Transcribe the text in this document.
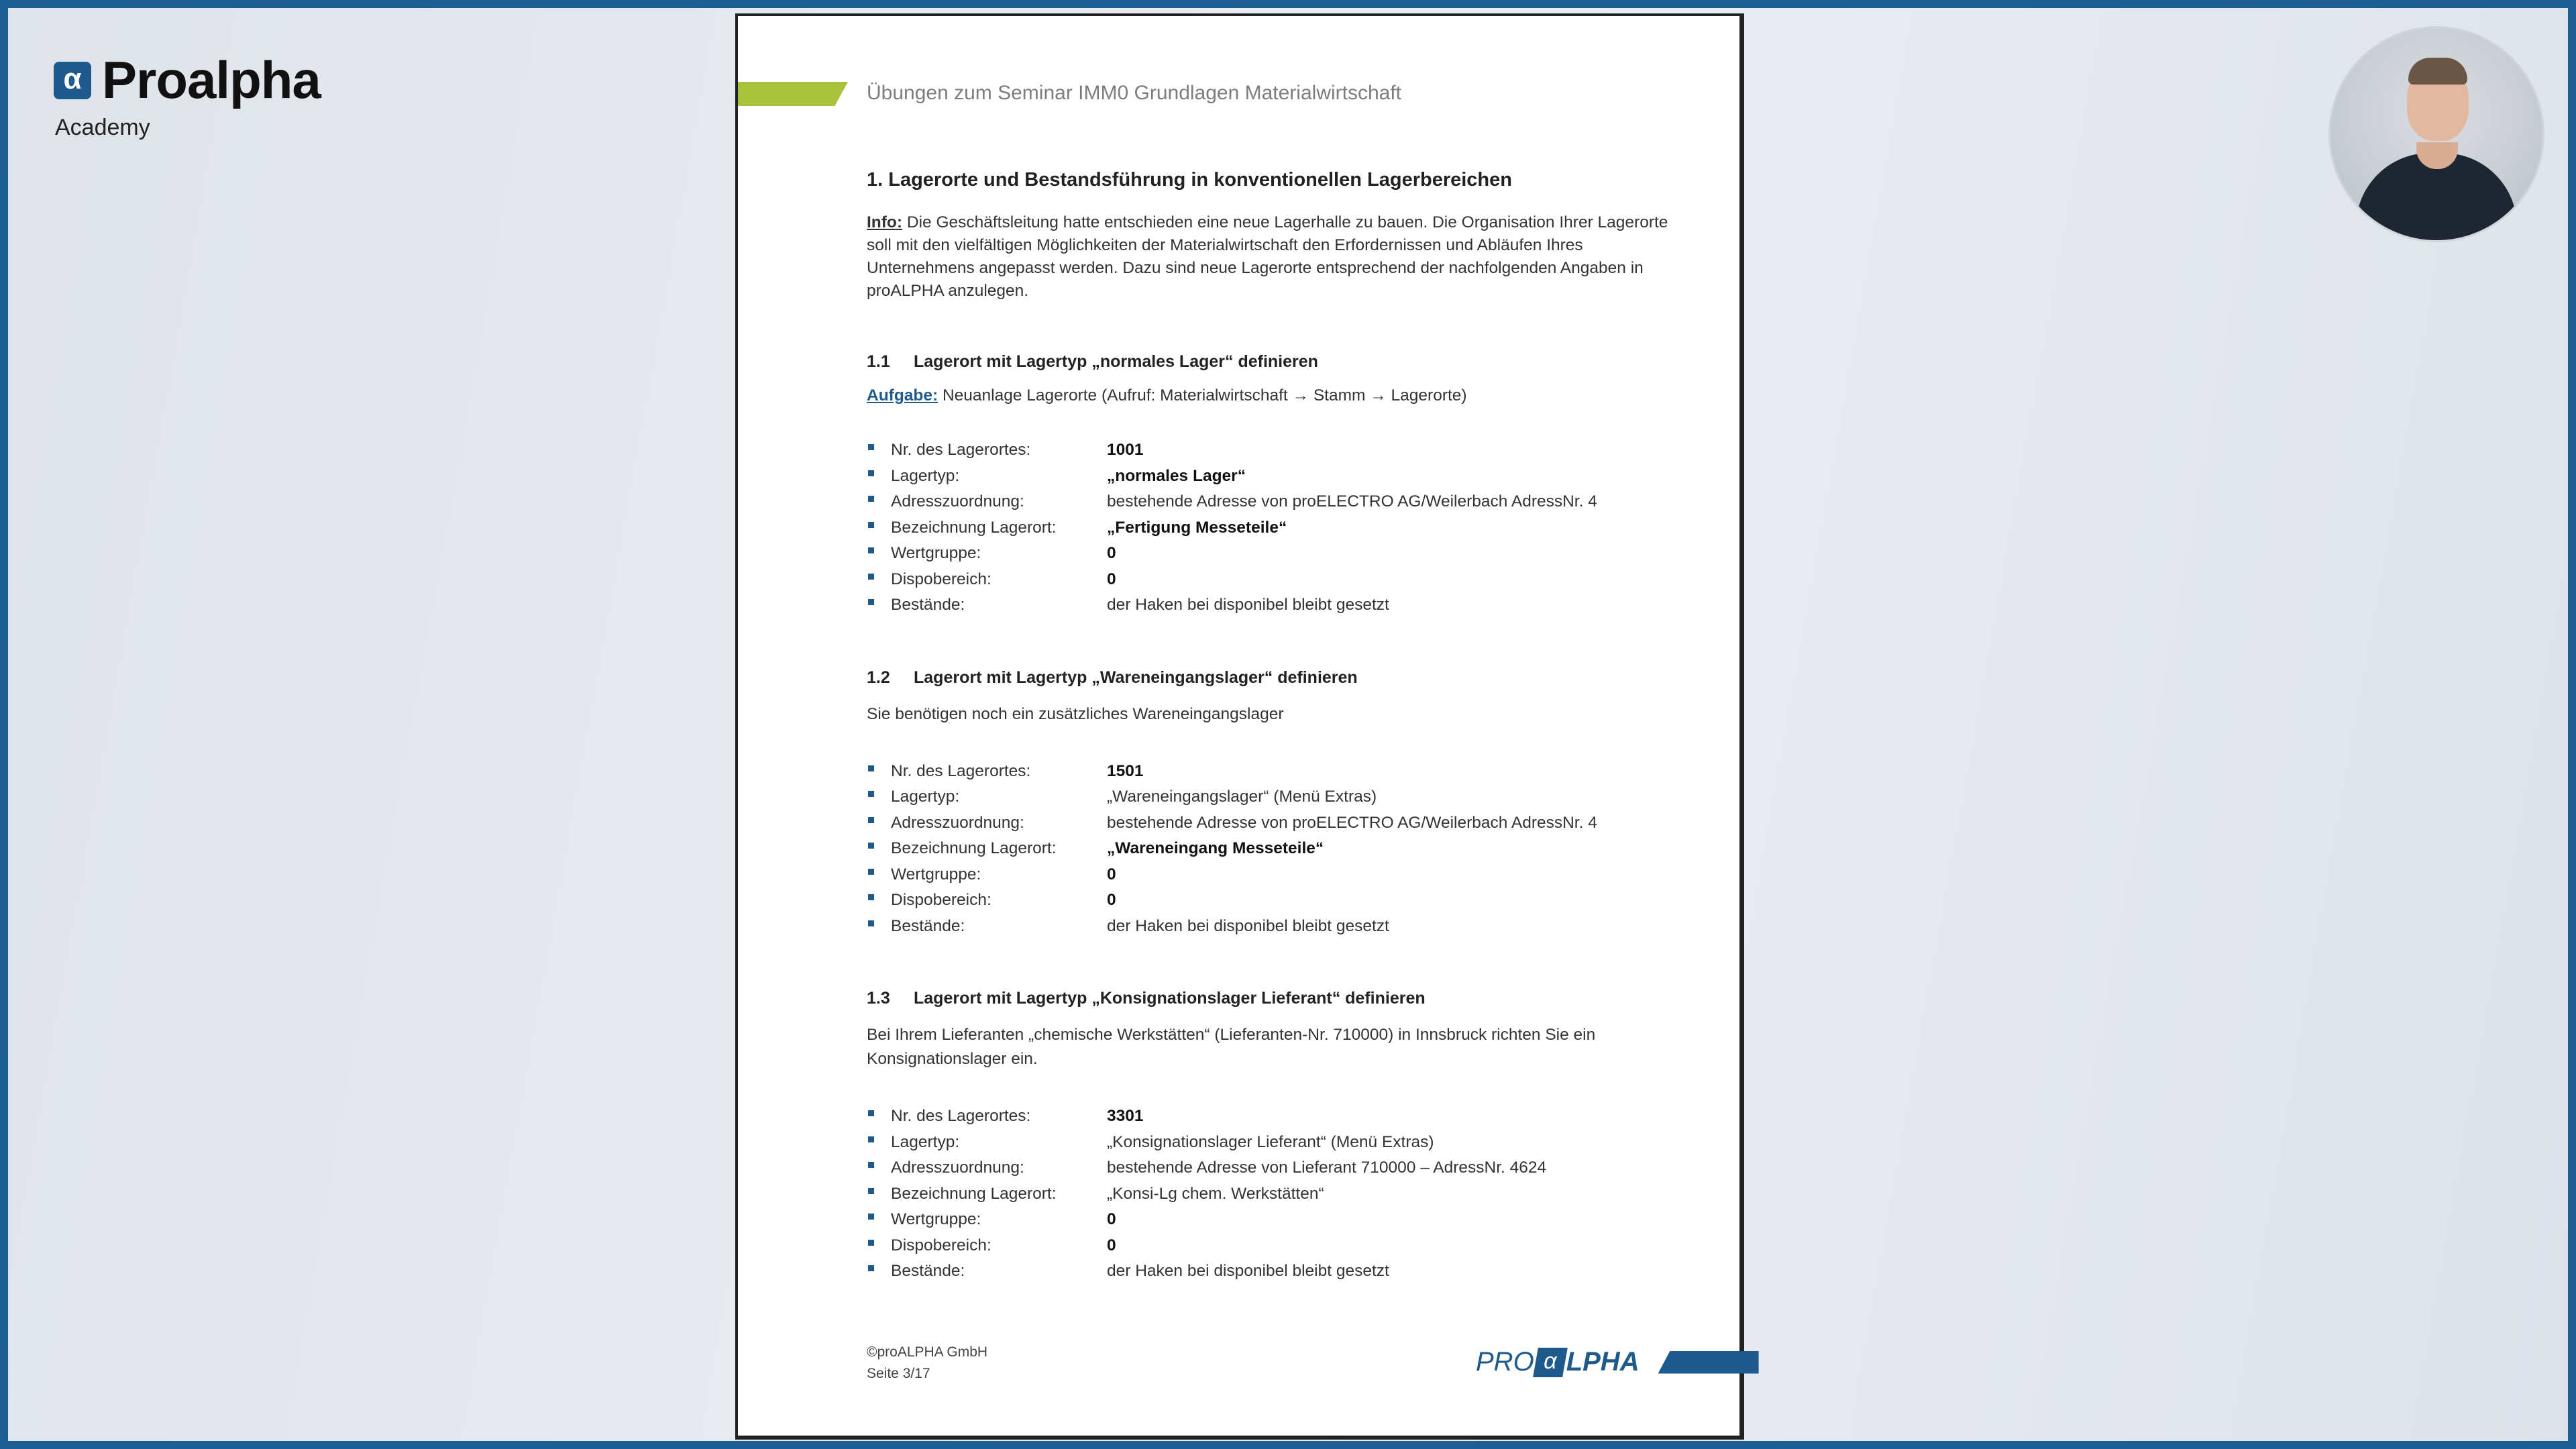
α Proalpha
Academy
Übungen zum Seminar IMM0 Grundlagen Materialwirtschaft

1. Lagerorte und Bestandsführung in konventionellen Lagerbereichen

Info: Die Geschäftsleitung hatte entschieden eine neue Lagerhalle zu bauen. Die Organisation Ihrer Lagerorte soll mit den vielfältigen Möglichkeiten der Materialwirtschaft den Erfordernissen und Abläufen Ihres Unternehmens angepasst werden. Dazu sind neue Lagerorte entsprechend der nachfolgenden Angaben in proALPHA anzulegen.

1.1	Lagerort mit Lagertyp „normales Lager“ definieren
Aufgabe: Neuanlage Lagerorte (Aufruf: Materialwirtschaft → Stamm → Lagerorte)
Nr. des Lagerortes:	1001
Lagertyp:	„normales Lager“
Adresszuordnung:	bestehende Adresse von proELECTRO AG/Weilerbach AdressNr. 4
Bezeichnung Lagerort:	„Fertigung Messeteile“
Wertgruppe:	0
Dispobereich:	0
Bestände:	der Haken bei disponibel bleibt gesetzt
1.2	Lagerort mit Lagertyp „Wareneingangslager“ definieren
Sie benötigen noch ein zusätzliches Wareneingangslager
Nr. des Lagerortes:	1501
Lagertyp:	„Wareneingangslager“ (Menü Extras)
Adresszuordnung:	bestehende Adresse von proELECTRO AG/Weilerbach AdressNr. 4
Bezeichnung Lagerort:	„Wareneingang Messeteile“
Wertgruppe:	0
Dispobereich:	0
Bestände:	der Haken bei disponibel bleibt gesetzt
1.3	Lagerort mit Lagertyp „Konsignationslager Lieferant“ definieren
Bei Ihrem Lieferanten „chemische Werkstätten“ (Lieferanten-Nr. 710000) in Innsbruck richten Sie ein Konsignationslager ein.
Nr. des Lagerortes:	3301
Lagertyp:	„Konsignationslager Lieferant“ (Menü Extras)
Adresszuordnung:	bestehende Adresse von Lieferant 710000 – AdressNr. 4624
Bezeichnung Lagerort:	„Konsi-Lg chem. Werkstätten“
Wertgruppe:	0
Dispobereich:	0
Bestände:	der Haken bei disponibel bleibt gesetzt
©proALPHA GmbH
Seite 3/17	PRO α LPHA
